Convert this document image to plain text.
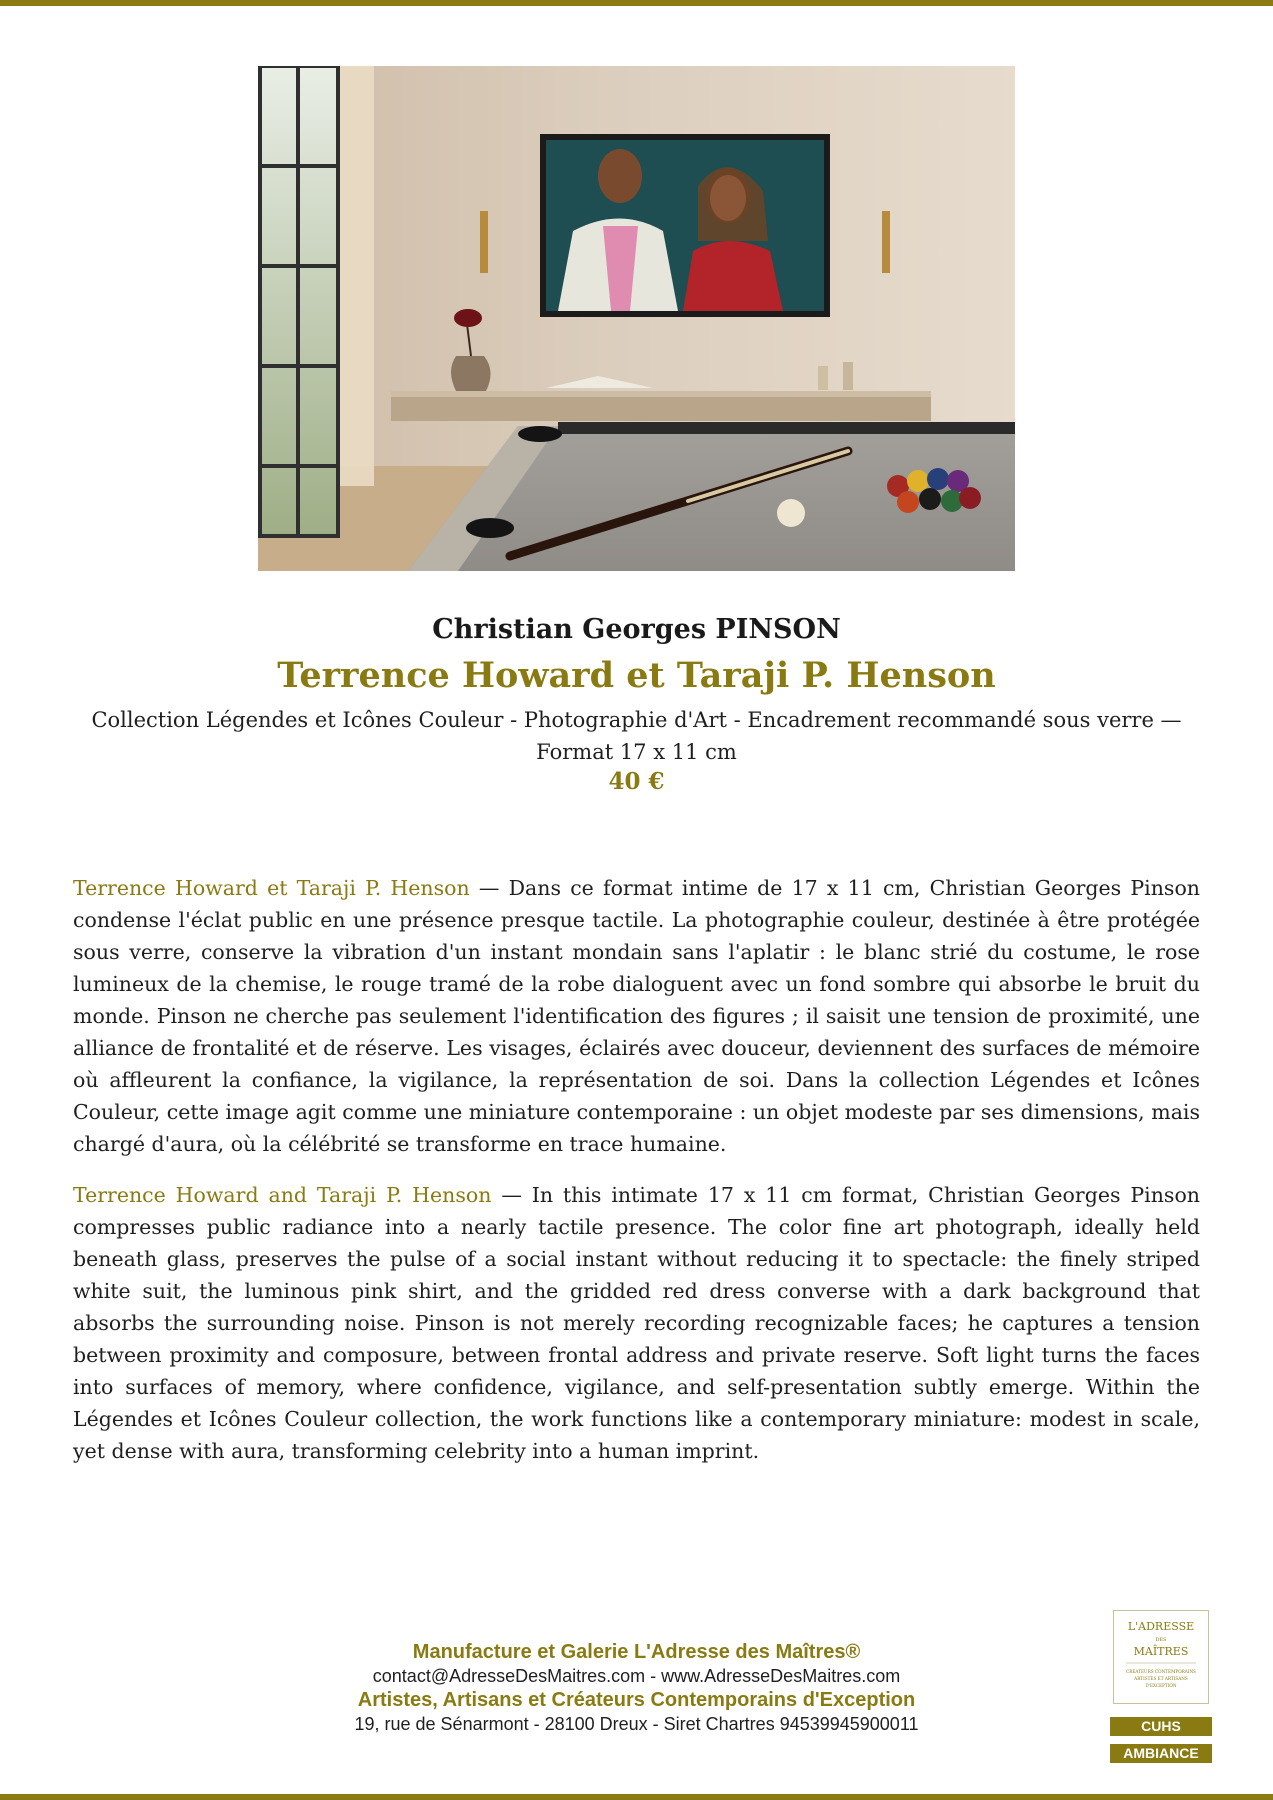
Christian Georges PINSON
Terrence Howard et Taraji P. Henson
Collection Légendes et Icônes Couleur - Photographie d'Art - Encadrement recommandé sous verre — Format 17 x 11 cm
40 €

Terrence Howard et Taraji P. Henson — Dans ce format intime de 17 x 11 cm, Christian Georges Pinson condense l'éclat public en une présence presque tactile. La photographie couleur, destinée à être protégée sous verre, conserve la vibration d'un instant mondain sans l'aplatir : le blanc strié du costume, le rose lumineux de la chemise, le rouge tramé de la robe dialoguent avec un fond sombre qui absorbe le bruit du monde. Pinson ne cherche pas seulement l'identification des figures ; il saisit une tension de proximité, une alliance de frontalité et de réserve. Les visages, éclairés avec douceur, deviennent des surfaces de mémoire où affleurent la confiance, la vigilance, la représentation de soi. Dans la collection Légendes et Icônes Couleur, cette image agit comme une miniature contemporaine : un objet modeste par ses dimensions, mais chargé d'aura, où la célébrité se transforme en trace humaine.

Terrence Howard and Taraji P. Henson — In this intimate 17 x 11 cm format, Christian Georges Pinson compresses public radiance into a nearly tactile presence. The color fine art photograph, ideally held beneath glass, preserves the pulse of a social instant without reducing it to spectacle: the finely striped white suit, the luminous pink shirt, and the gridded red dress converse with a dark background that absorbs the surrounding noise. Pinson is not merely recording recognizable faces; he captures a tension between proximity and composure, between frontal address and private reserve. Soft light turns the faces into surfaces of memory, where confidence, vigilance, and self-presentation subtly emerge. Within the Légendes et Icônes Couleur collection, the work functions like a contemporary miniature: modest in scale, yet dense with aura, transforming celebrity into a human imprint.

Manufacture et Galerie L'Adresse des Maîtres®
contact@AdresseDesMaitres.com - www.AdresseDesMaitres.com
Artistes, Artisans et Créateurs Contemporains d'Exception
19, rue de Sénarmont - 28100 Dreux - Siret Chartres 94539945900011
L'ADRESSE
DES
MAÎTRES
CRÉATEURS CONTEMPORAINS
ARTISTES ET ARTISANS
D'EXCEPTION
CUHS
AMBIANCE
